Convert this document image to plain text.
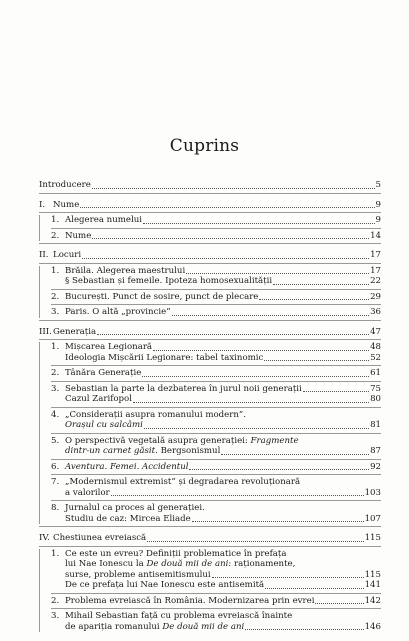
Cuprins
Introducere	5
I. Nume	9
1. Alegerea numelui	9
2. Nume	14
II. Locuri	17
1. Brăila. Alegerea maestrului	17
§ Sebastian și femeile. Ipoteza homosexualității	22
2. București. Punct de sosire, punct de plecare	29
3. Paris. O altă „provincie”	36
III. Generația	47
1. Mișcarea Legionară	48
Ideologia Mișcării Legionare: tabel taxinomic	52
2. Tânăra Generație	61
3. Sebastian la parte la dezbaterea în jurul noii generații	75
Cazul Zarifopol	80
4. „Considerații asupra romanului modern”.
Orașul cu salcâmi	81
5. O perspectivă vegetală asupra generației:
Fragmente
dintr-un carnet găsit . Bergsonismul	87
6. Aventura. Femei. Accidentul	92
7. „Modernismul extremist” și degradarea revoluționară
a valorilor	103
8. Jurnalul ca proces al generației.
Studiu de caz: Mircea Eliade	107
IV. Chestiunea evreiască	115
1. Ce este un evreu? Definiții problematice în prefața
lui Nae Ionescu la
De două mii de ani : raționamente,
surse, probleme antisemitismului	115
De ce prefața lui Nae Ionescu este antisemită	141
2. Problema evreiască în România. Modernizarea prin evrei	142
3. Mihail Sebastian față cu problema evreiască înainte
de apariția romanului
De două mii de ani	146
